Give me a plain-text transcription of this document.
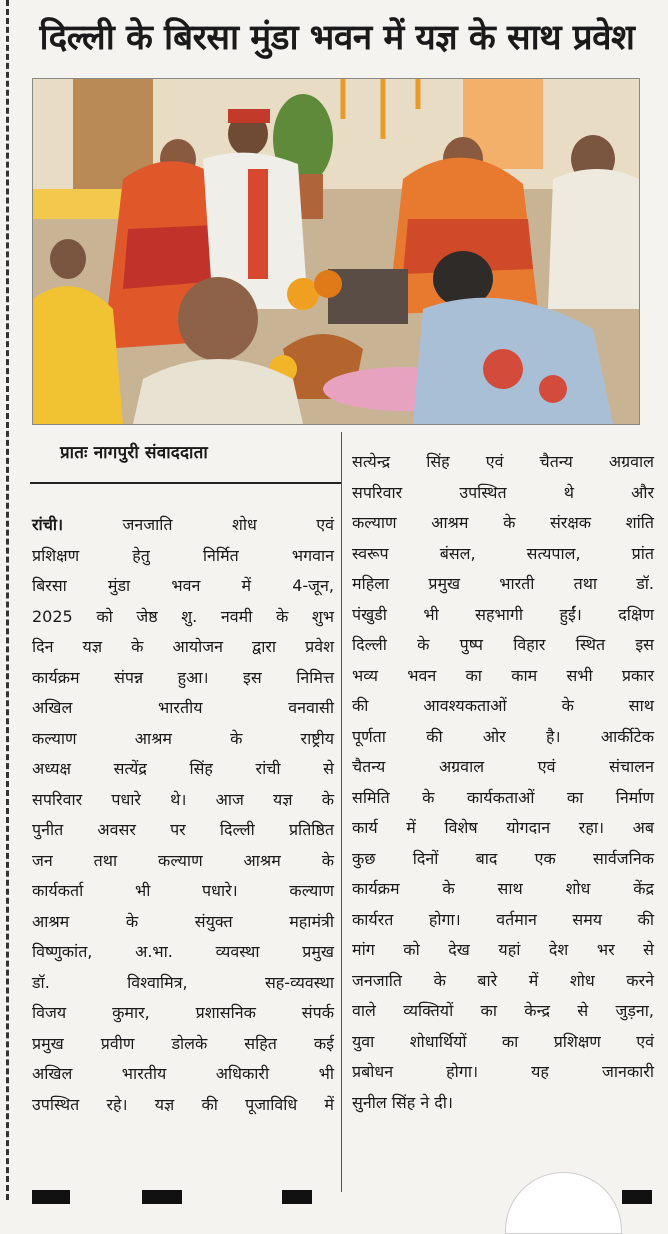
दिल्ली के बिरसा मुंडा भवन में यज्ञ के साथ प्रवेश
प्रातः नागपुरी संवाददाता
रांची। जनजाति शोध एवं
प्रशिक्षण हेतु निर्मित भगवान
बिरसा मुंडा भवन में 4-जून,
2025 को जेष्ठ शु. नवमी के शुभ
दिन यज्ञ के आयोजन द्वारा प्रवेश
कार्यक्रम संपन्न हुआ। इस निमित्त
अखिल भारतीय वनवासी
कल्याण आश्रम के राष्ट्रीय
अध्यक्ष सत्येंद्र सिंह रांची से
सपरिवार पधारे थे। आज यज्ञ के
पुनीत अवसर पर दिल्ली प्रतिष्ठित
जन तथा कल्याण आश्रम के
कार्यकर्ता भी पधारे। कल्याण
आश्रम के संयुक्त महामंत्री
विष्णुकांत, अ.भा. व्यवस्था प्रमुख
डॉ. विश्वामित्र, सह-व्यवस्था
विजय कुमार, प्रशासनिक संपर्क
प्रमुख प्रवीण डोलके सहित कई
अखिल भारतीय अधिकारी भी
उपस्थित रहे। यज्ञ की पूजाविधि में
सत्येन्द्र सिंह एवं चैतन्य अग्रवाल
सपरिवार उपस्थित थे और
कल्याण आश्रम के संरक्षक शांति
स्वरूप बंसल, सत्यपाल, प्रांत
महिला प्रमुख भारती तथा डॉ.
पंखुडी भी सहभागी हुईं। दक्षिण
दिल्ली के पुष्प विहार स्थित इस
भव्य भवन का काम सभी प्रकार
की आवश्यकताओं के साथ
पूर्णता की ओर है। आर्कीटेक
चैतन्य अग्रवाल एवं संचालन
समिति के कार्यकताओं का निर्माण
कार्य में विशेष योगदान रहा। अब
कुछ दिनों बाद एक सार्वजनिक
कार्यक्रम के साथ शोध केंद्र
कार्यरत होगा। वर्तमान समय की
मांग को देख यहां देश भर से
जनजाति के बारे में शोध करने
वाले व्यक्तियों का केन्द्र से जुड़ना,
युवा शोधार्थियों का प्रशिक्षण एवं
प्रबोधन होगा। यह जानकारी
सुनील सिंह ने दी।
